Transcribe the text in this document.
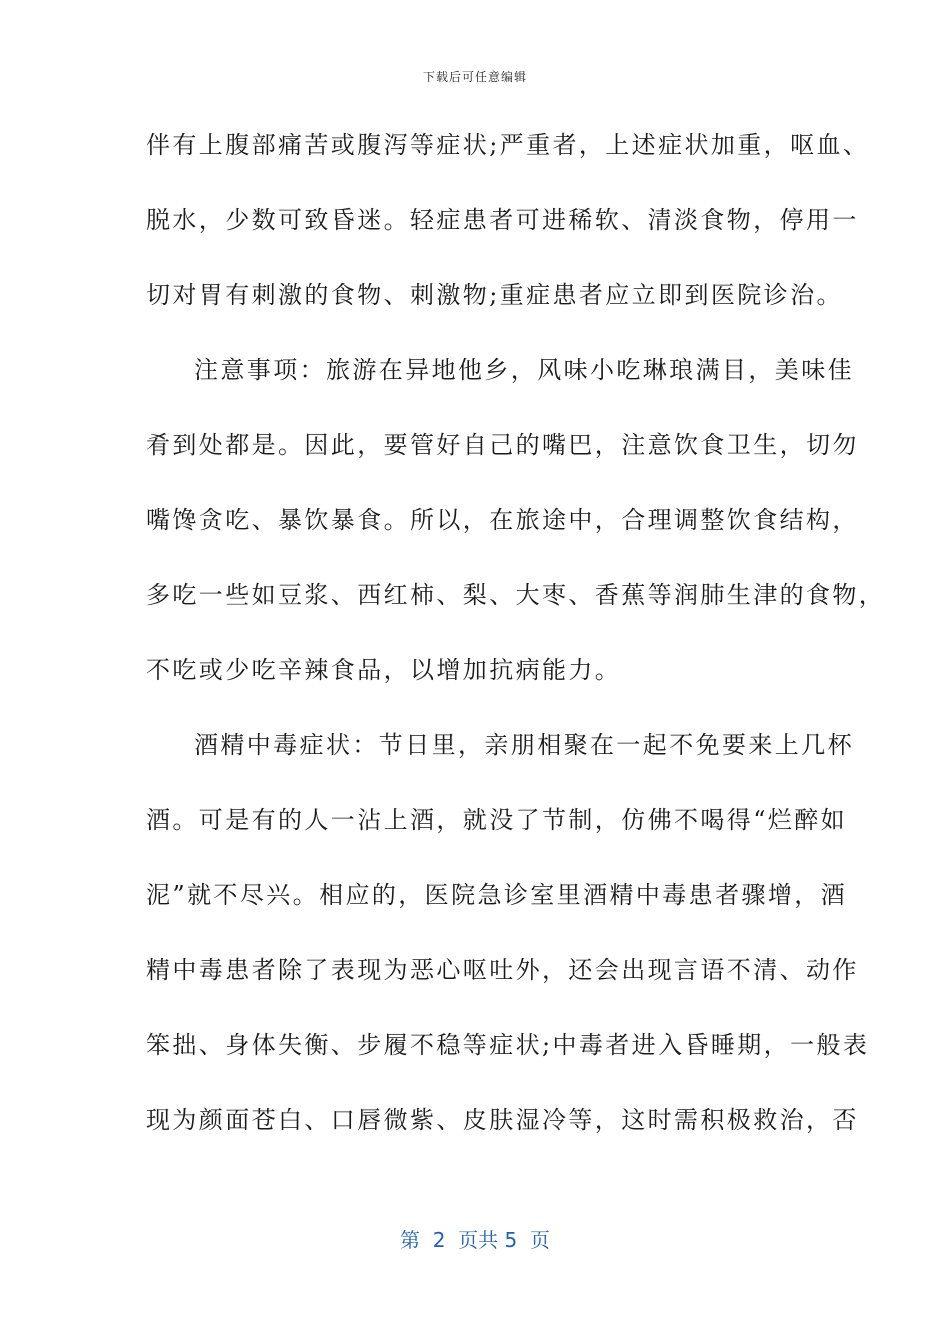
下载后可任意编辑
伴有上腹部痛苦或腹泻等症状;严重者，上述症状加重，呕血、
脱水，少数可致昏迷。轻症患者可进稀软、清淡食物，停用一
切对胃有刺激的食物、刺激物;重症患者应立即到医院诊治。
注意事项：旅游在异地他乡，风味小吃琳琅满目，美味佳
肴到处都是。因此，要管好自己的嘴巴，注意饮食卫生，切勿
嘴馋贪吃、暴饮暴食。所以，在旅途中，合理调整饮食结构，
多吃一些如豆浆、西红柿、梨、大枣、香蕉等润肺生津的食物，
不吃或少吃辛辣食品，以增加抗病能力。
酒精中毒症状：节日里，亲朋相聚在一起不免要来上几杯
酒。可是有的人一沾上酒，就没了节制，仿佛不喝得“烂醉如
泥”就不尽兴。相应的，医院急诊室里酒精中毒患者骤增，酒
精中毒患者除了表现为恶心呕吐外，还会出现言语不清、动作
笨拙、身体失衡、步履不稳等症状;中毒者进入昏睡期，一般表
现为颜面苍白、口唇微紫、皮肤湿冷等，这时需积极救治，否
第  2  页共 5  页
